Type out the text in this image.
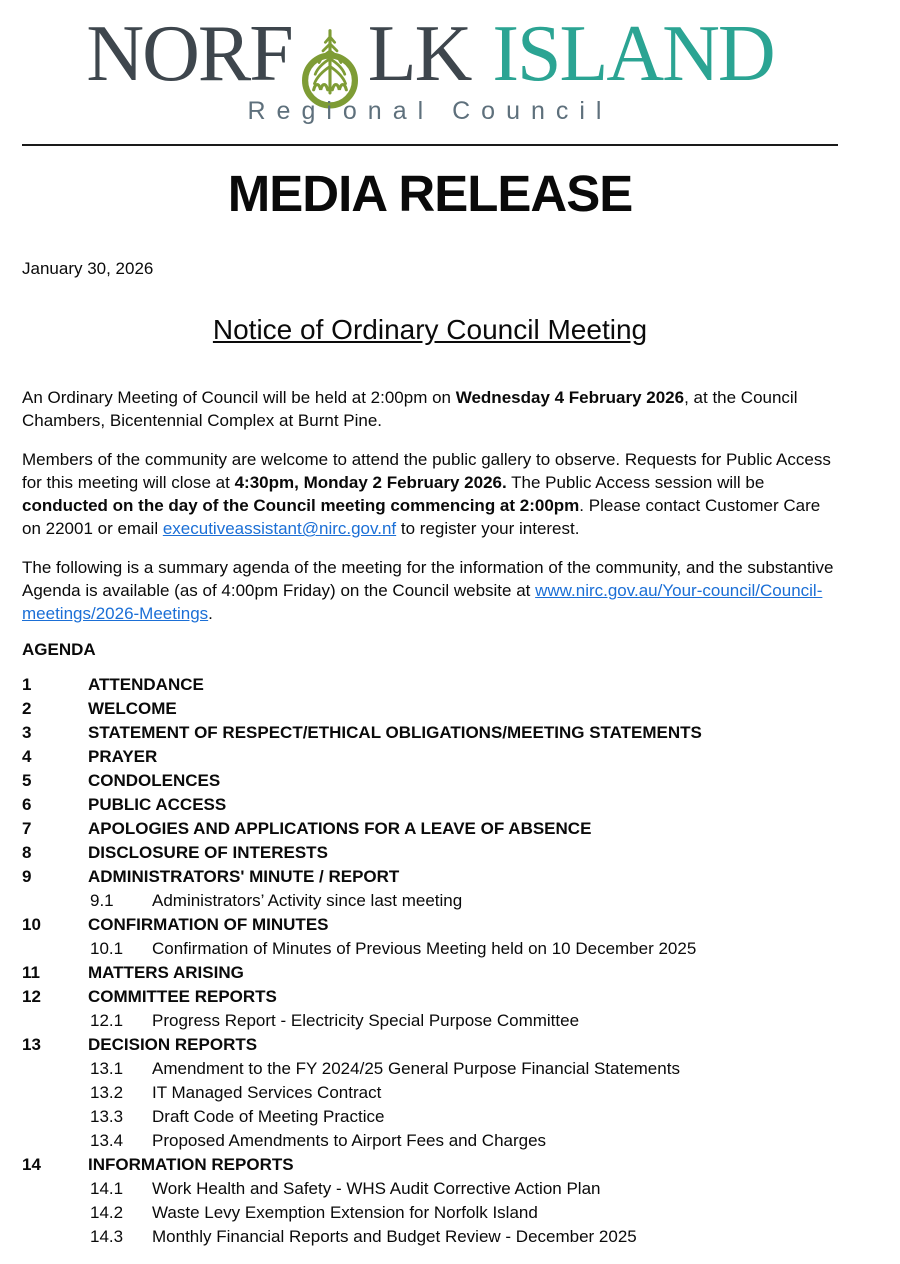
NORF LK ISLAND
Regional Council
MEDIA RELEASE
January 30, 2026
Notice of Ordinary Council Meeting

An Ordinary Meeting of Council will be held at 2:00pm on Wednesday 4 February 2026, at the Council Chambers, Bicentennial Complex at Burnt Pine.

Members of the community are welcome to attend the public gallery to observe. Requests for Public Access for this meeting will close at 4:30pm, Monday 2 February 2026. The Public Access session will be conducted on the day of the Council meeting commencing at 2:00pm. Please contact Customer Care on 22001 or email executiveassistant@nirc.gov.nf to register your interest.

The following is a summary agenda of the meeting for the information of the community, and the substantive Agenda is available (as of 4:00pm Friday) on the Council website at www.nirc.gov.au/Your-council/Council-meetings/2026-Meetings.

AGENDA
1	ATTENDANCE
2	WELCOME
3	STATEMENT OF RESPECT/ETHICAL OBLIGATIONS/MEETING STATEMENTS
4	PRAYER
5	CONDOLENCES
6	PUBLIC ACCESS
7	APOLOGIES AND APPLICATIONS FOR A LEAVE OF ABSENCE
8	DISCLOSURE OF INTERESTS
9	ADMINISTRATORS' MINUTE / REPORT
9.1	Administrators’ Activity since last meeting
10	CONFIRMATION OF MINUTES
10.1	Confirmation of Minutes of Previous Meeting held on 10 December 2025
11	MATTERS ARISING
12	COMMITTEE REPORTS
12.1	Progress Report - Electricity Special Purpose Committee
13	DECISION REPORTS
13.1	Amendment to the FY 2024/25 General Purpose Financial Statements
13.2	IT Managed Services Contract
13.3	Draft Code of Meeting Practice
13.4	Proposed Amendments to Airport Fees and Charges
14	INFORMATION REPORTS
14.1	Work Health and Safety - WHS Audit Corrective Action Plan
14.2	Waste Levy Exemption Extension for Norfolk Island
14.3	Monthly Financial Reports and Budget Review - December 2025
